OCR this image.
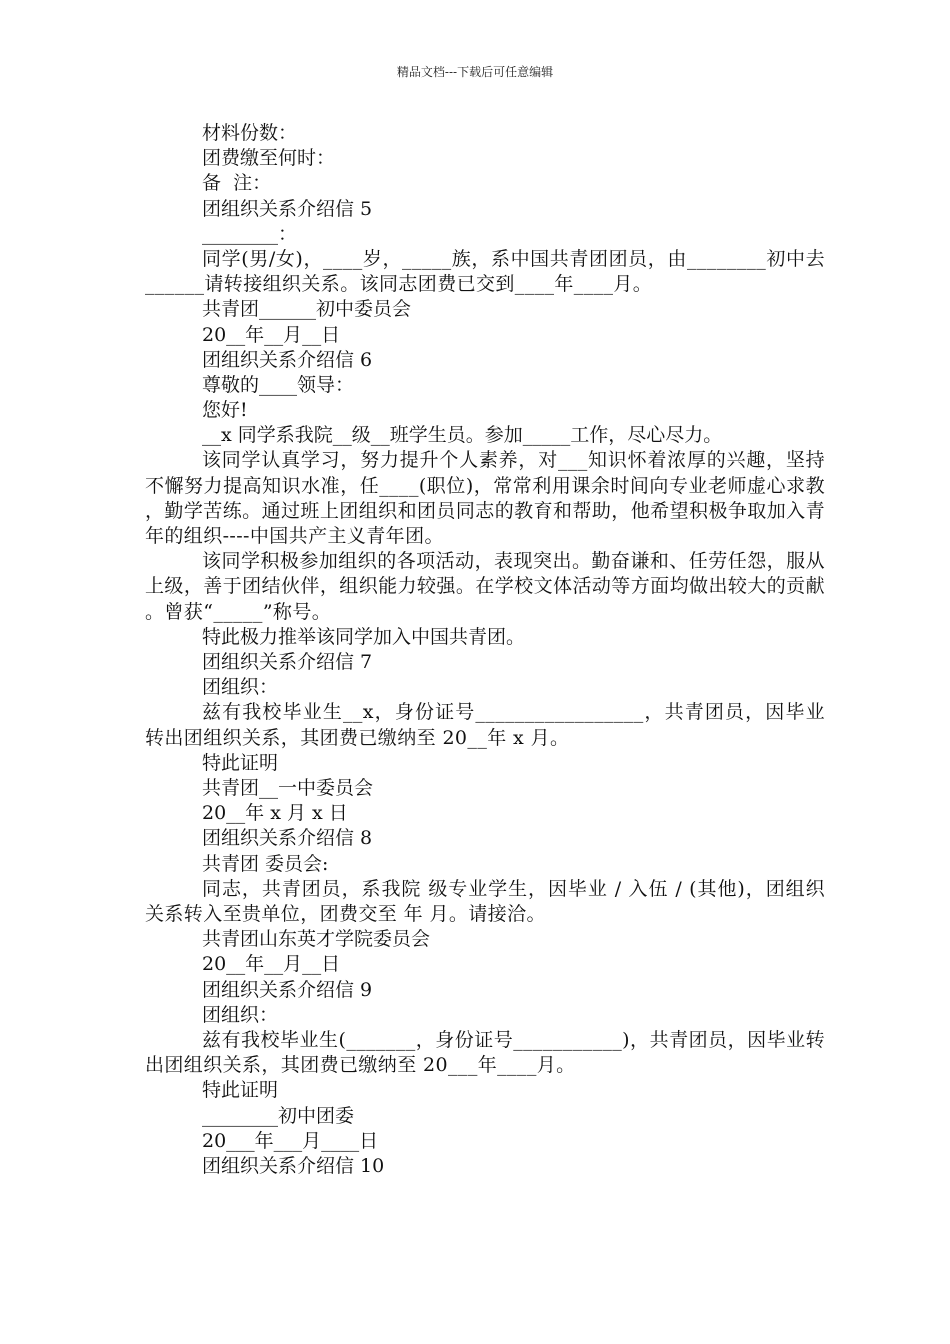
精品文档---下载后可任意编辑
材料份数：
团费缴至何时：
备  注：
团组织关系介绍信 5
________：
同学(男/女)，____岁，_____族，系中国共青团团员，由________初中去______请转接组织关系。该同志团费已交到____年____月。
共青团______初中委员会
20__年__月__日
团组织关系介绍信 6
尊敬的____领导：
您好!
__x 同学系我院__级__班学生员。参加_____工作，尽心尽力。
该同学认真学习，努力提升个人素养，对___知识怀着浓厚的兴趣，坚持不懈努力提高知识水准，任____(职位)，常常利用课余时间向专业老师虚心求教，勤学苦练。通过班上团组织和团员同志的教育和帮助，他希望积极争取加入青年的组织----中国共产主义青年团。
该同学积极参加组织的各项活动，表现突出。勤奋谦和、任劳任怨，服从上级，善于团结伙伴，组织能力较强。在学校文体活动等方面均做出较大的贡献。曾获“_____”称号。
特此极力推举该同学加入中国共青团。
团组织关系介绍信 7
团组织：
兹有我校毕业生__x，身份证号_________________，共青团员，因毕业转出团组织关系，其团费已缴纳至 20__年 x 月。
特此证明
共青团__一中委员会
20__年 x 月 x 日
团组织关系介绍信 8
共青团 委员会:
同志，共青团员，系我院 级专业学生，因毕业 / 入伍 / (其他)，团组织关系转入至贵单位，团费交至 年 月。请接洽。
共青团山东英才学院委员会
20__年__月__日
团组织关系介绍信 9
团组织：
兹有我校毕业生(_______，身份证号___________)，共青团员，因毕业转出团组织关系，其团费已缴纳至 20___年____月。
特此证明
________初中团委
20___年___月____日
团组织关系介绍信 10
